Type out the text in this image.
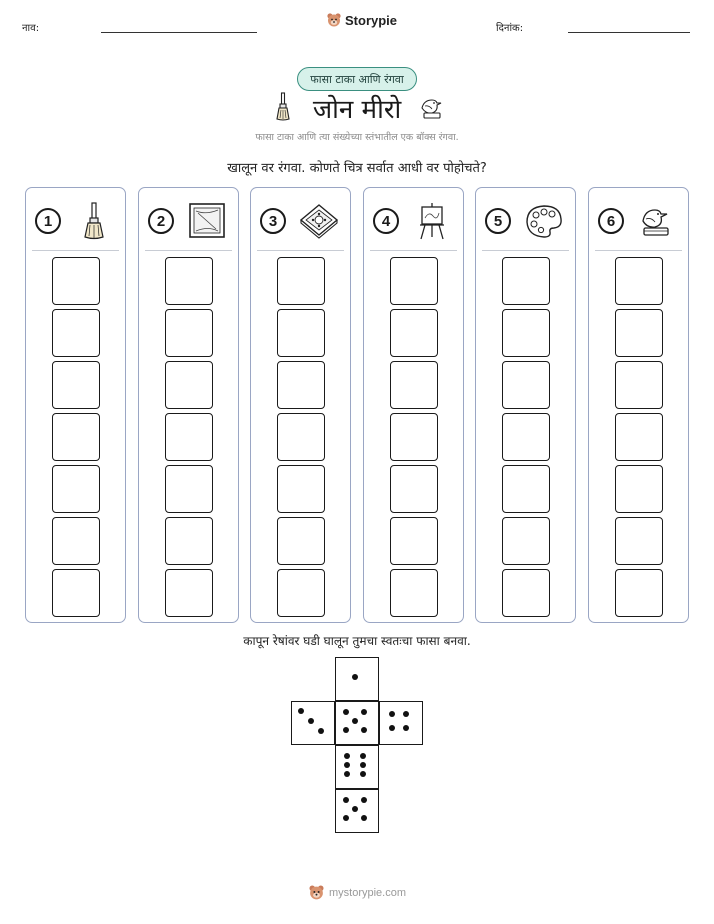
नाव:
Storypie
दिनांक:
फासा टाका आणि रंगवा
जोन मीरो
फासा टाका आणि त्या संख्येच्या स्तंभातील एक बॉक्स रंगवा.
खालून वर रंगवा. कोणते चित्र सर्वात आधी वर पोहोचते?
1	2	3	4	5	6
कापून रेषांवर घडी घालून तुमचा स्वतःचा फासा बनवा.
mystorypie.com
